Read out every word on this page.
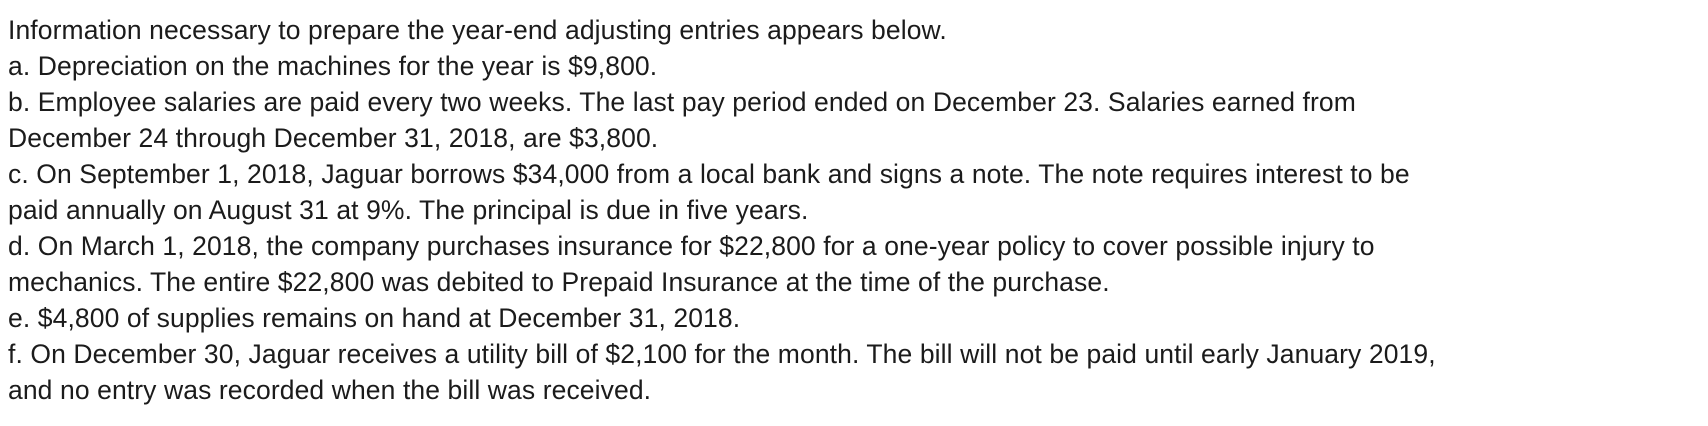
Information necessary to prepare the year-end adjusting entries appears below.
a. Depreciation on the machines for the year is $9,800.
b. Employee salaries are paid every two weeks. The last pay period ended on December 23. Salaries earned from
December 24 through December 31, 2018, are $3,800.
c. On September 1, 2018, Jaguar borrows $34,000 from a local bank and signs a note. The note requires interest to be
paid annually on August 31 at 9%. The principal is due in five years.
d. On March 1, 2018, the company purchases insurance for $22,800 for a one-year policy to cover possible injury to
mechanics. The entire $22,800 was debited to Prepaid Insurance at the time of the purchase.
e. $4,800 of supplies remains on hand at December 31, 2018.
f. On December 30, Jaguar receives a utility bill of $2,100 for the month. The bill will not be paid until early January 2019,
and no entry was recorded when the bill was received.
